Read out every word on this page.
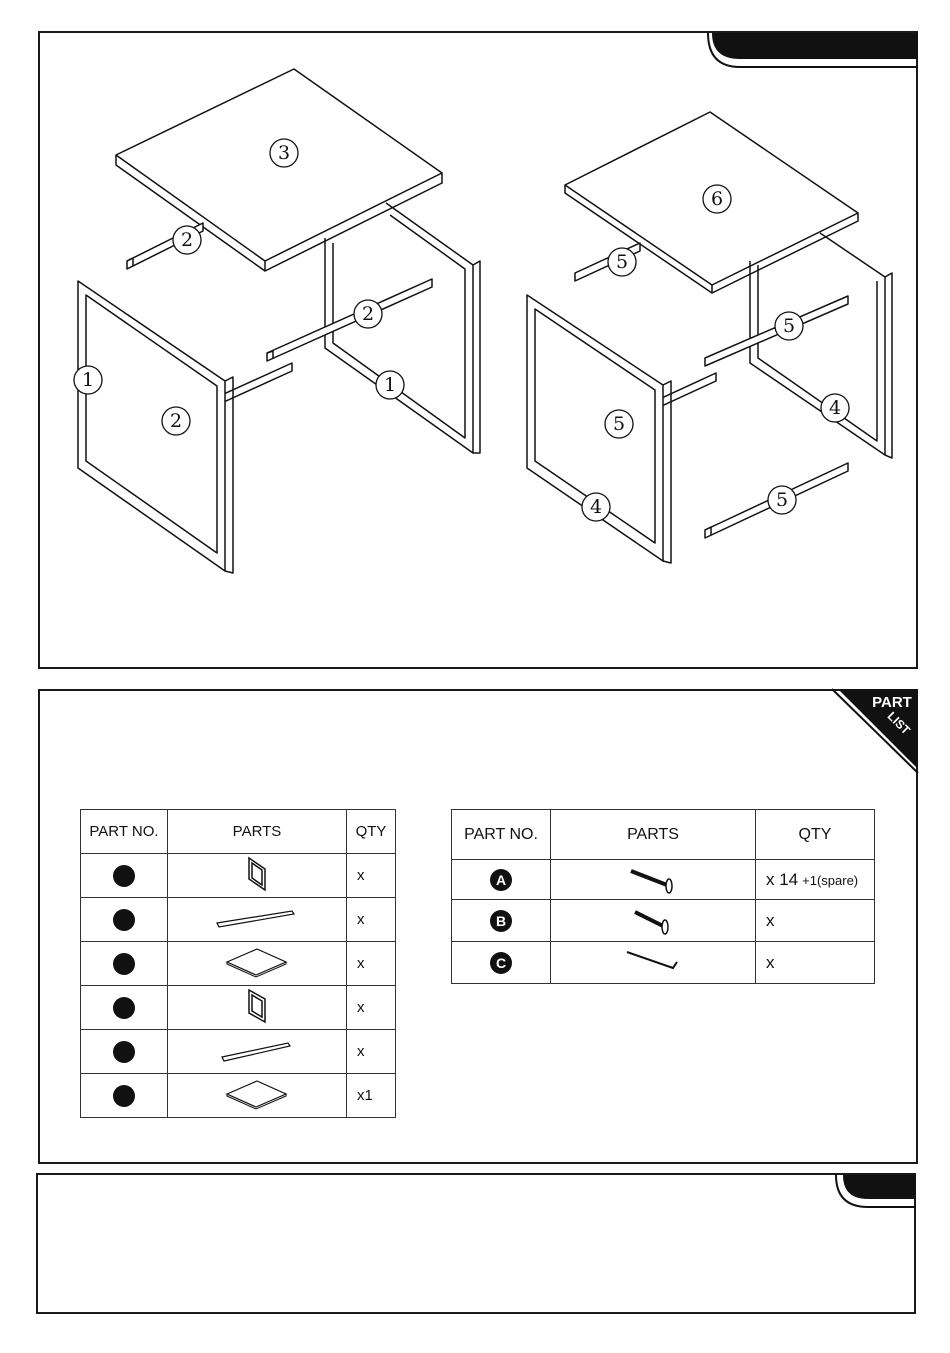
3
2
2
1
2
1
6
5
5
5
4
4	5
PART
LIST
PART NO.	PARTS	QTY
		x
		x
		x
		x
		x
		x1
PART NO.	PARTS	QTY
A		x 14 +1(spare)
B		x
C		x
